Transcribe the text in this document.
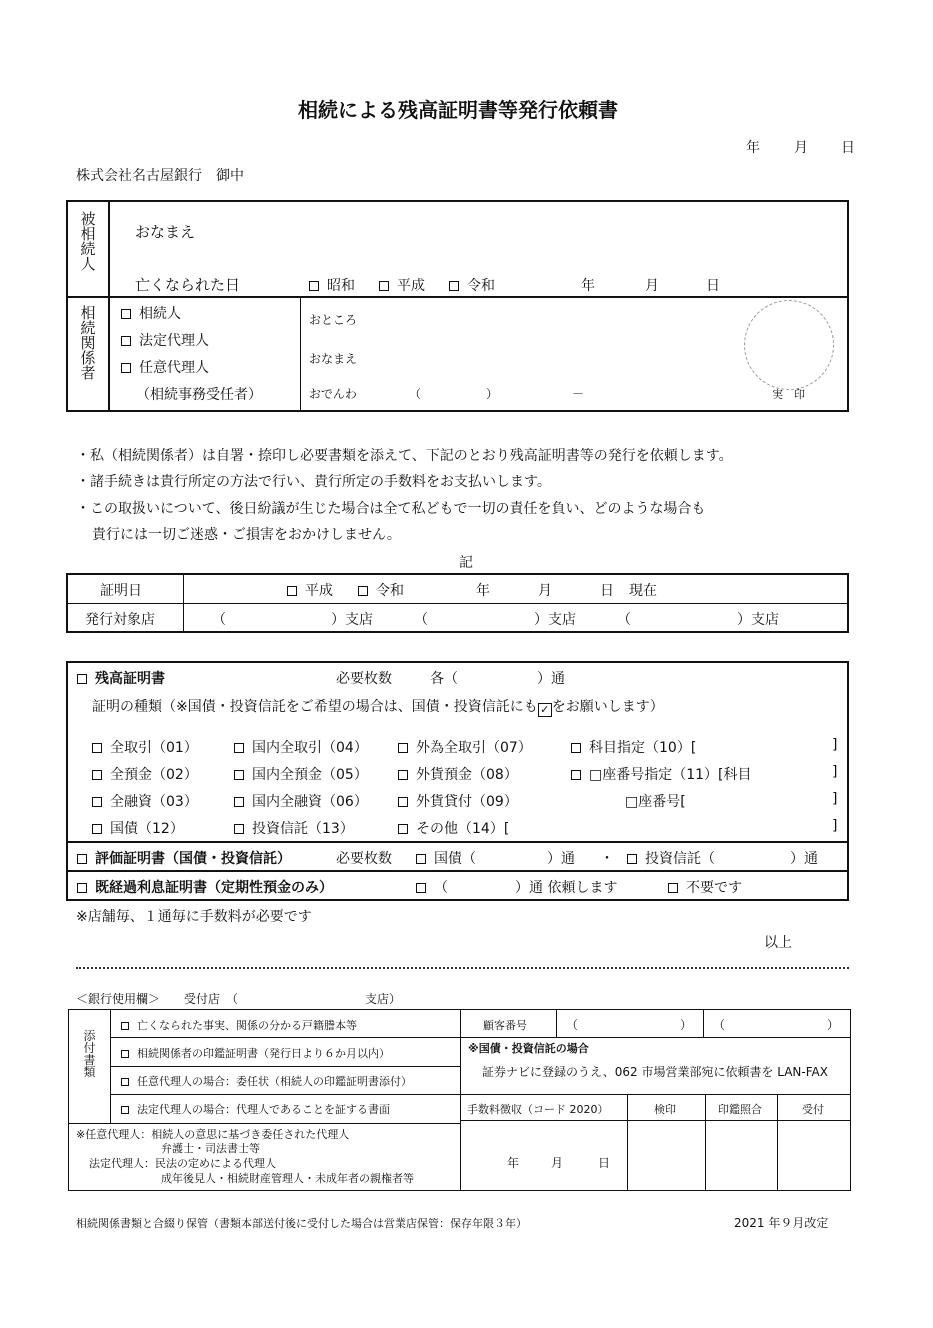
相続による残高証明書等発行依頼書
年 月 日
株式会社名古屋銀行　御中
被相続人
おなまえ
亡くなられた日	昭和	平成	令和	年	月	日
相続関係者
相続人
法定代理人
任意代理人
（相続事務受任者）
おところ
おなまえ
おでんわ	（	）	－	実　印
・私（相続関係者）は自署・捺印し必要書類を添えて、下記のとおり残高証明書等の発行を依頼します。
・諸手続きは貴行所定の方法で行い、貴行所定の手数料をお支払いします。
・この取扱いについて、後日紛議が生じた場合は全て私どもで一切の責任を負い、どのような場合も
貴行には一切ご迷惑・ご損害をおかけしません。
記
証明日	平成	令和	年	月	日 現在
発行対象店	（	）支店	（	）支店	（	）支店
残高証明書	必要枚数	各（	）通
証明の種類（※国債・投資信託をご希望の場合は、国債・投資信託にも ✓ をお願いします）
全取引（01）	国内全取引（04）	外為全取引（07）	科目指定（10）[	]
全預金（02）	国内全預金（05）	外貨預金（08）	□座番号指定（11）[科目	]
全融資（03）	国内全融資（06）	外貨貸付（09）	□座番号[	]
国債（12）	投資信託（13）	その他（14）[	]
評価証明書（国債・投資信託）	必要枚数	国債（	）通 ・	投資信託（	）通
既経過利息証明書（定期性預金のみ）	（	）通 依頼します	不要です
※店舗毎、１通毎に手数料が必要です
以上
＜銀行使用欄＞ 受付店　（	支店）
添付書類
亡くなられた事実、関係の分かる戸籍謄本等
相続関係者の印鑑証明書（発行日より６か月以内）
任意代理人の場合：委任状（相続人の印鑑証明書添付）
法定代理人の場合：代理人であることを証する書面
顧客番号	（	） （	）
※国債・投資信託の場合
証券ナビに登録のうえ、062 市場営業部宛に依頼書を LAN-FAX
手数料徴収（コード 2020）	検印	印鑑照合	受付
※任意代理人：相続人の意思に基づき委任された代理人
弁護士・司法書士等
法定代理人：民法の定めによる代理人
成年後見人・相続財産管理人・未成年者の親権者等
年	月	日
相続関係書類と合綴り保管（書類本部送付後に受付した場合は営業店保管：保存年限３年）	2021 年９月改定
